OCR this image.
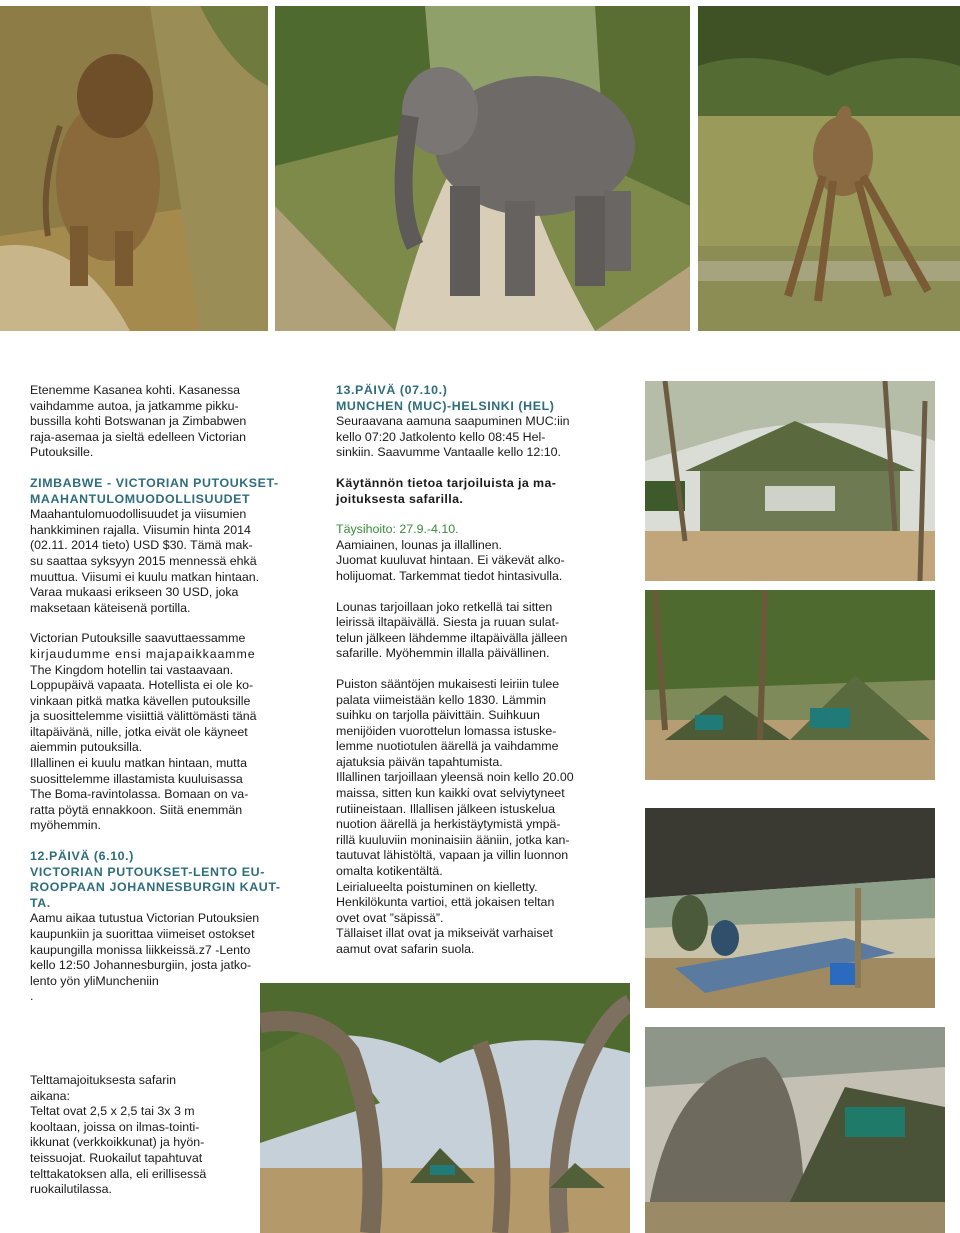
Etenemme Kasanea kohti. Kasanessa

vaihdamme autoa, ja jatkamme pikku-

bussilla kohti Botswanan ja Zimbabwen

raja-asemaa ja sieltä edelleen Victorian

Putouksille.

ZIMBABWE - VICTORIAN PUTOUKSET-

MAAHANTULOMUODOLLISUUDET

Maahantulomuodollisuudet ja viisumien

hankkiminen rajalla. Viisumin hinta 2014

(02.11. 2014 tieto) USD $30. Tämä mak-

su saattaa syksyyn 2015 mennessä ehkä

muuttua. Viisumi ei kuulu matkan hintaan.

Varaa mukaasi erikseen 30 USD, joka

maksetaan käteisenä portilla.

Victorian Putouksille saavuttaessamme

kirjaudumme ensi majapaikkaamme

The Kingdom hotellin tai vastaavaan.

Loppupäivä vapaata. Hotellista ei ole ko-

vinkaan pitkä matka kävellen putouksille

ja suosittelemme visiittiä välittömästi tänä

iltapäivänä, nille, jotka eivät ole käyneet

aiemmin putouksilla.

Illallinen ei kuulu matkan hintaan, mutta

suosittelemme illastamista kuuluisassa

The Boma-ravintolassa. Bomaan on va-

ratta pöytä ennakkoon. Siitä enemmän

myöhemmin.

12.PÄIVÄ (6.10.)

VICTORIAN PUTOUKSET-LENTO EU-

ROOPPAAN JOHANNESBURGIN KAUT-

TA.

Aamu aikaa tutustua Victorian Putouksien

kaupunkiin ja suorittaa viimeiset ostokset

kaupungilla monissa liikkeissä.z7 -Lento

kello 12:50 Johannesburgiin, josta jatko-

lento yön yliMuncheniin

.

13.PÄIVÄ (07.10.)

MUNCHEN (MUC)-HELSINKI (HEL)

Seuraavana aamuna saapuminen MUC:iin

kello 07:20 Jatkolento kello 08:45 Hel-

sinkiin. Saavumme Vantaalle kello 12:10.

Käytännön tietoa tarjoiluista ja ma-

joituksesta safarilla.

Täysihoito: 27.9.-4.10.

Aamiainen, lounas ja illallinen.

Juomat kuuluvat hintaan. Ei väkevät alko-

holijuomat. Tarkemmat tiedot hintasivulla.

Lounas tarjoillaan joko retkellä tai sitten

leirissä iltapäivällä. Siesta ja ruuan sulat-

telun jälkeen lähdemme iltapäivälla jälleen

safarille. Myöhemmin illalla päivällinen.

Puiston sääntöjen mukaisesti leiriin tulee

palata viimeistään kello 1830. Lämmin

suihku on tarjolla päivittäin. Suihkuun

menijöiden vuorottelun lomassa istuske-

lemme nuotiotulen äärellä ja vaihdamme

ajatuksia päivän tapahtumista.

Illallinen tarjoillaan yleensä noin kello 20.00

maissa, sitten kun kaikki ovat selviytyneet

rutiineistaan. Illallisen jälkeen istuskelua

nuotion äärellä ja herkistäytymistä ympä-

rillä kuuluviin moninaisiin ääniin, jotka kan-

tautuvat lähistöltä, vapaan ja villin luonnon

omalta kotikentältä.

Leirialueelta poistuminen on kielletty.

Henkilökunta vartioi, että jokaisen teltan

ovet ovat ”säpissä”.

Tällaiset illat ovat ja mikseivät varhaiset

aamut ovat safarin suola.

Telttamajoituksesta safarin

aikana:

Teltat ovat 2,5 x 2,5 tai 3x 3 m

kooltaan, joissa on ilmas-tointi-

ikkunat (verkkoikkunat) ja hyön-

teissuojat. Ruokailut tapahtuvat

telttakatoksen alla, eli erillisessä

ruokailutilassa.
